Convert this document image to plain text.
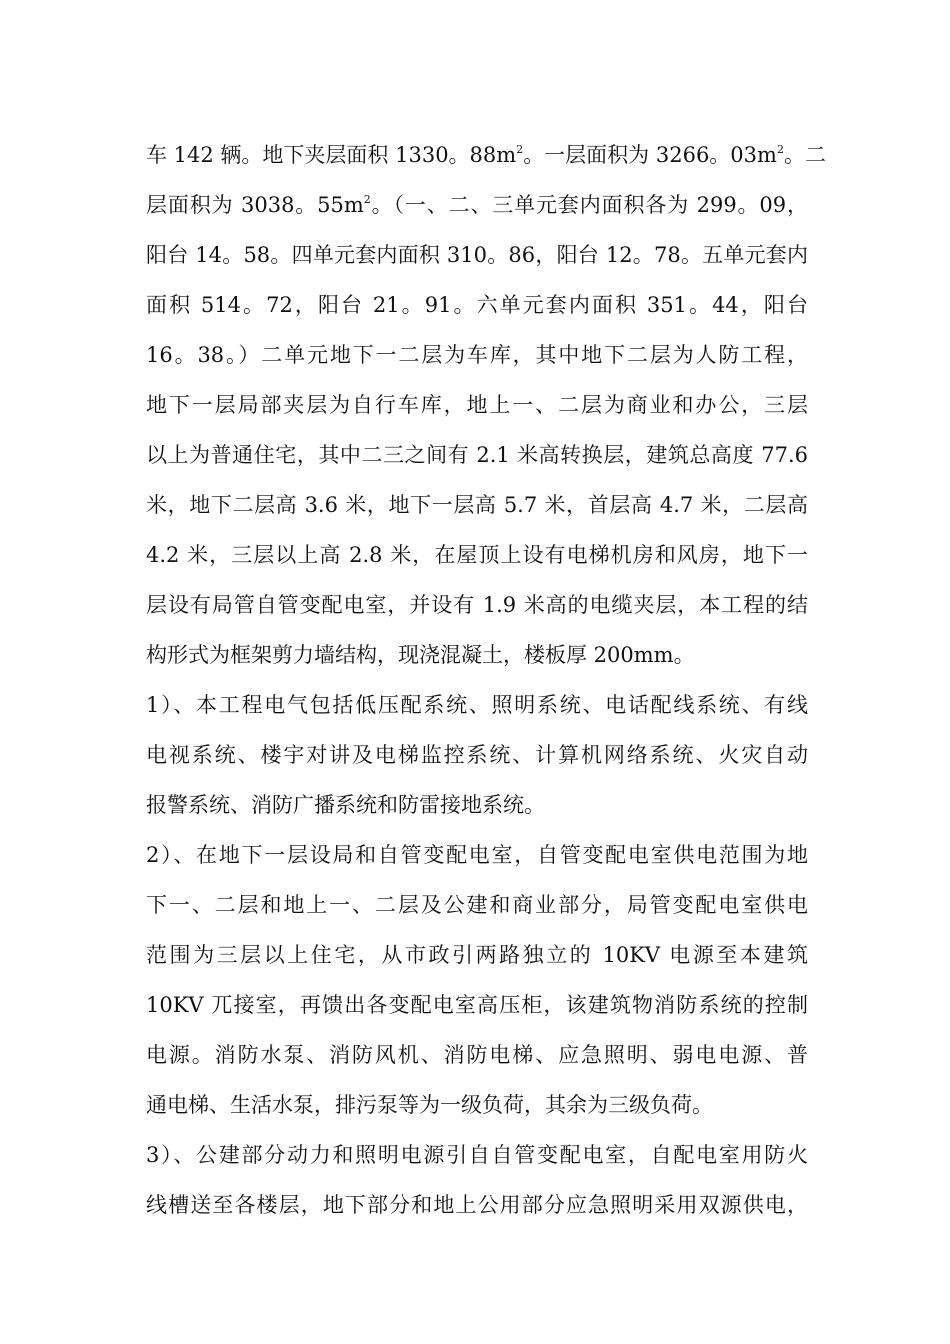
车 142 辆。地下夹层面积 1330。$88m^2$。一层面积为 3266。$03m^2$。二
层面积为 3038。$55m^2$。（一、二、三单元套内面积各为 299。09，
阳台 14。58。四单元套内面积 310。86，阳台 12。78。五单元套内
面积 514。72，阳台 21。91。六单元套内面积 351。44，阳台
16。38。）二单元地下一二层为车库，其中地下二层为人防工程，
地下一层局部夹层为自行车库，地上一、二层为商业和办公，三层
以上为普通住宅，其中二三之间有 2.1 米高转换层，建筑总高度 77.6
米，地下二层高 3.6 米，地下一层高 5.7 米，首层高 4.7 米，二层高
4.2 米，三层以上高 2.8 米，在屋顶上设有电梯机房和风房，地下一
层设有局管自管变配电室，并设有 1.9 米高的电缆夹层，本工程的结
构形式为框架剪力墙结构，现浇混凝土，楼板厚 200mm。
1）、本工程电气包括低压配系统、照明系统、电话配线系统、有线
电视系统、楼宇对讲及电梯监控系统、计算机网络系统、火灾自动
报警系统、消防广播系统和防雷接地系统。
2）、在地下一层设局和自管变配电室，自管变配电室供电范围为地
下一、二层和地上一、二层及公建和商业部分，局管变配电室供电
范围为三层以上住宅，从市政引两路独立的 10KV 电源至本建筑
10KV 兀接室，再馈出各变配电室高压柜，该建筑物消防系统的控制
电源。消防水泵、消防风机、消防电梯、应急照明、弱电电源、普
通电梯、生活水泵，排污泵等为一级负荷，其余为三级负荷。
3）、公建部分动力和照明电源引自自管变配电室，自配电室用防火
线槽送至各楼层，地下部分和地上公用部分应急照明采用双源供电，
